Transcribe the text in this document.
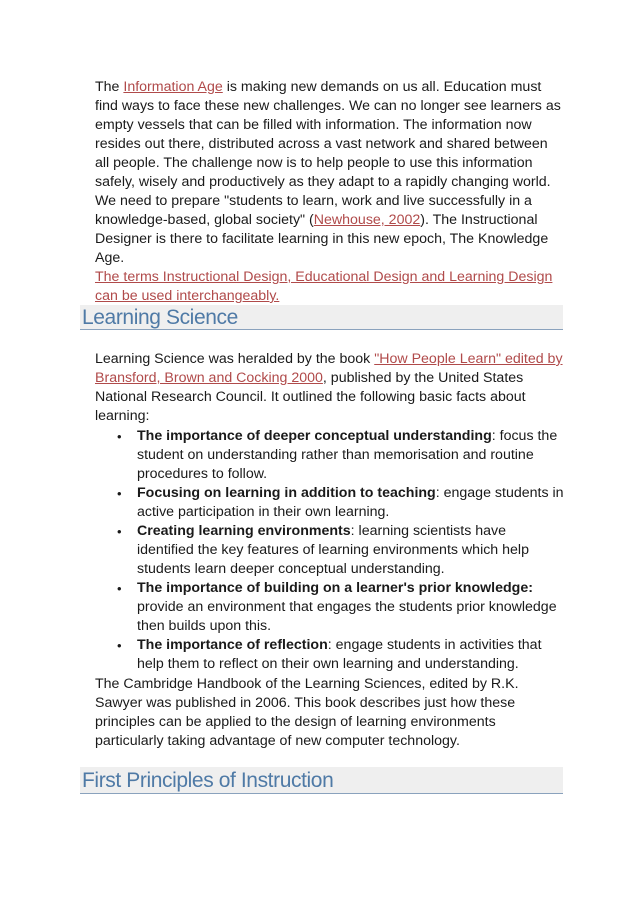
The Information Age is making new demands on us all. Education must find ways to face these new challenges. We can no longer see learners as empty vessels that can be filled with information. The information now resides out there, distributed across a vast network and shared between all people. The challenge now is to help people to use this information safely, wisely and productively as they adapt to a rapidly changing world. We need to prepare "students to learn, work and live successfully in a knowledge-based, global society" (Newhouse, 2002). The Instructional Designer is there to facilitate learning in this new epoch, The Knowledge Age.
The terms Instructional Design, Educational Design and Learning Design can be used interchangeably.

Learning Science

Learning Science was heralded by the book "How People Learn" edited by Bransford, Brown and Cocking 2000, published by the United States National Research Council. It outlined the following basic facts about learning:

• The importance of deeper conceptual understanding: focus the student on understanding rather than memorisation and routine procedures to follow.
• Focusing on learning in addition to teaching: engage students in active participation in their own learning.
• Creating learning environments: learning scientists have identified the key features of learning environments which help students learn deeper conceptual understanding.
• The importance of building on a learner's prior knowledge: provide an environment that engages the students prior knowledge then builds upon this.
• The importance of reflection: engage students in activities that help them to reflect on their own learning and understanding.

The Cambridge Handbook of the Learning Sciences, edited by R.K. Sawyer was published in 2006. This book describes just how these principles can be applied to the design of learning environments particularly taking advantage of new computer technology.

First Principles of Instruction
